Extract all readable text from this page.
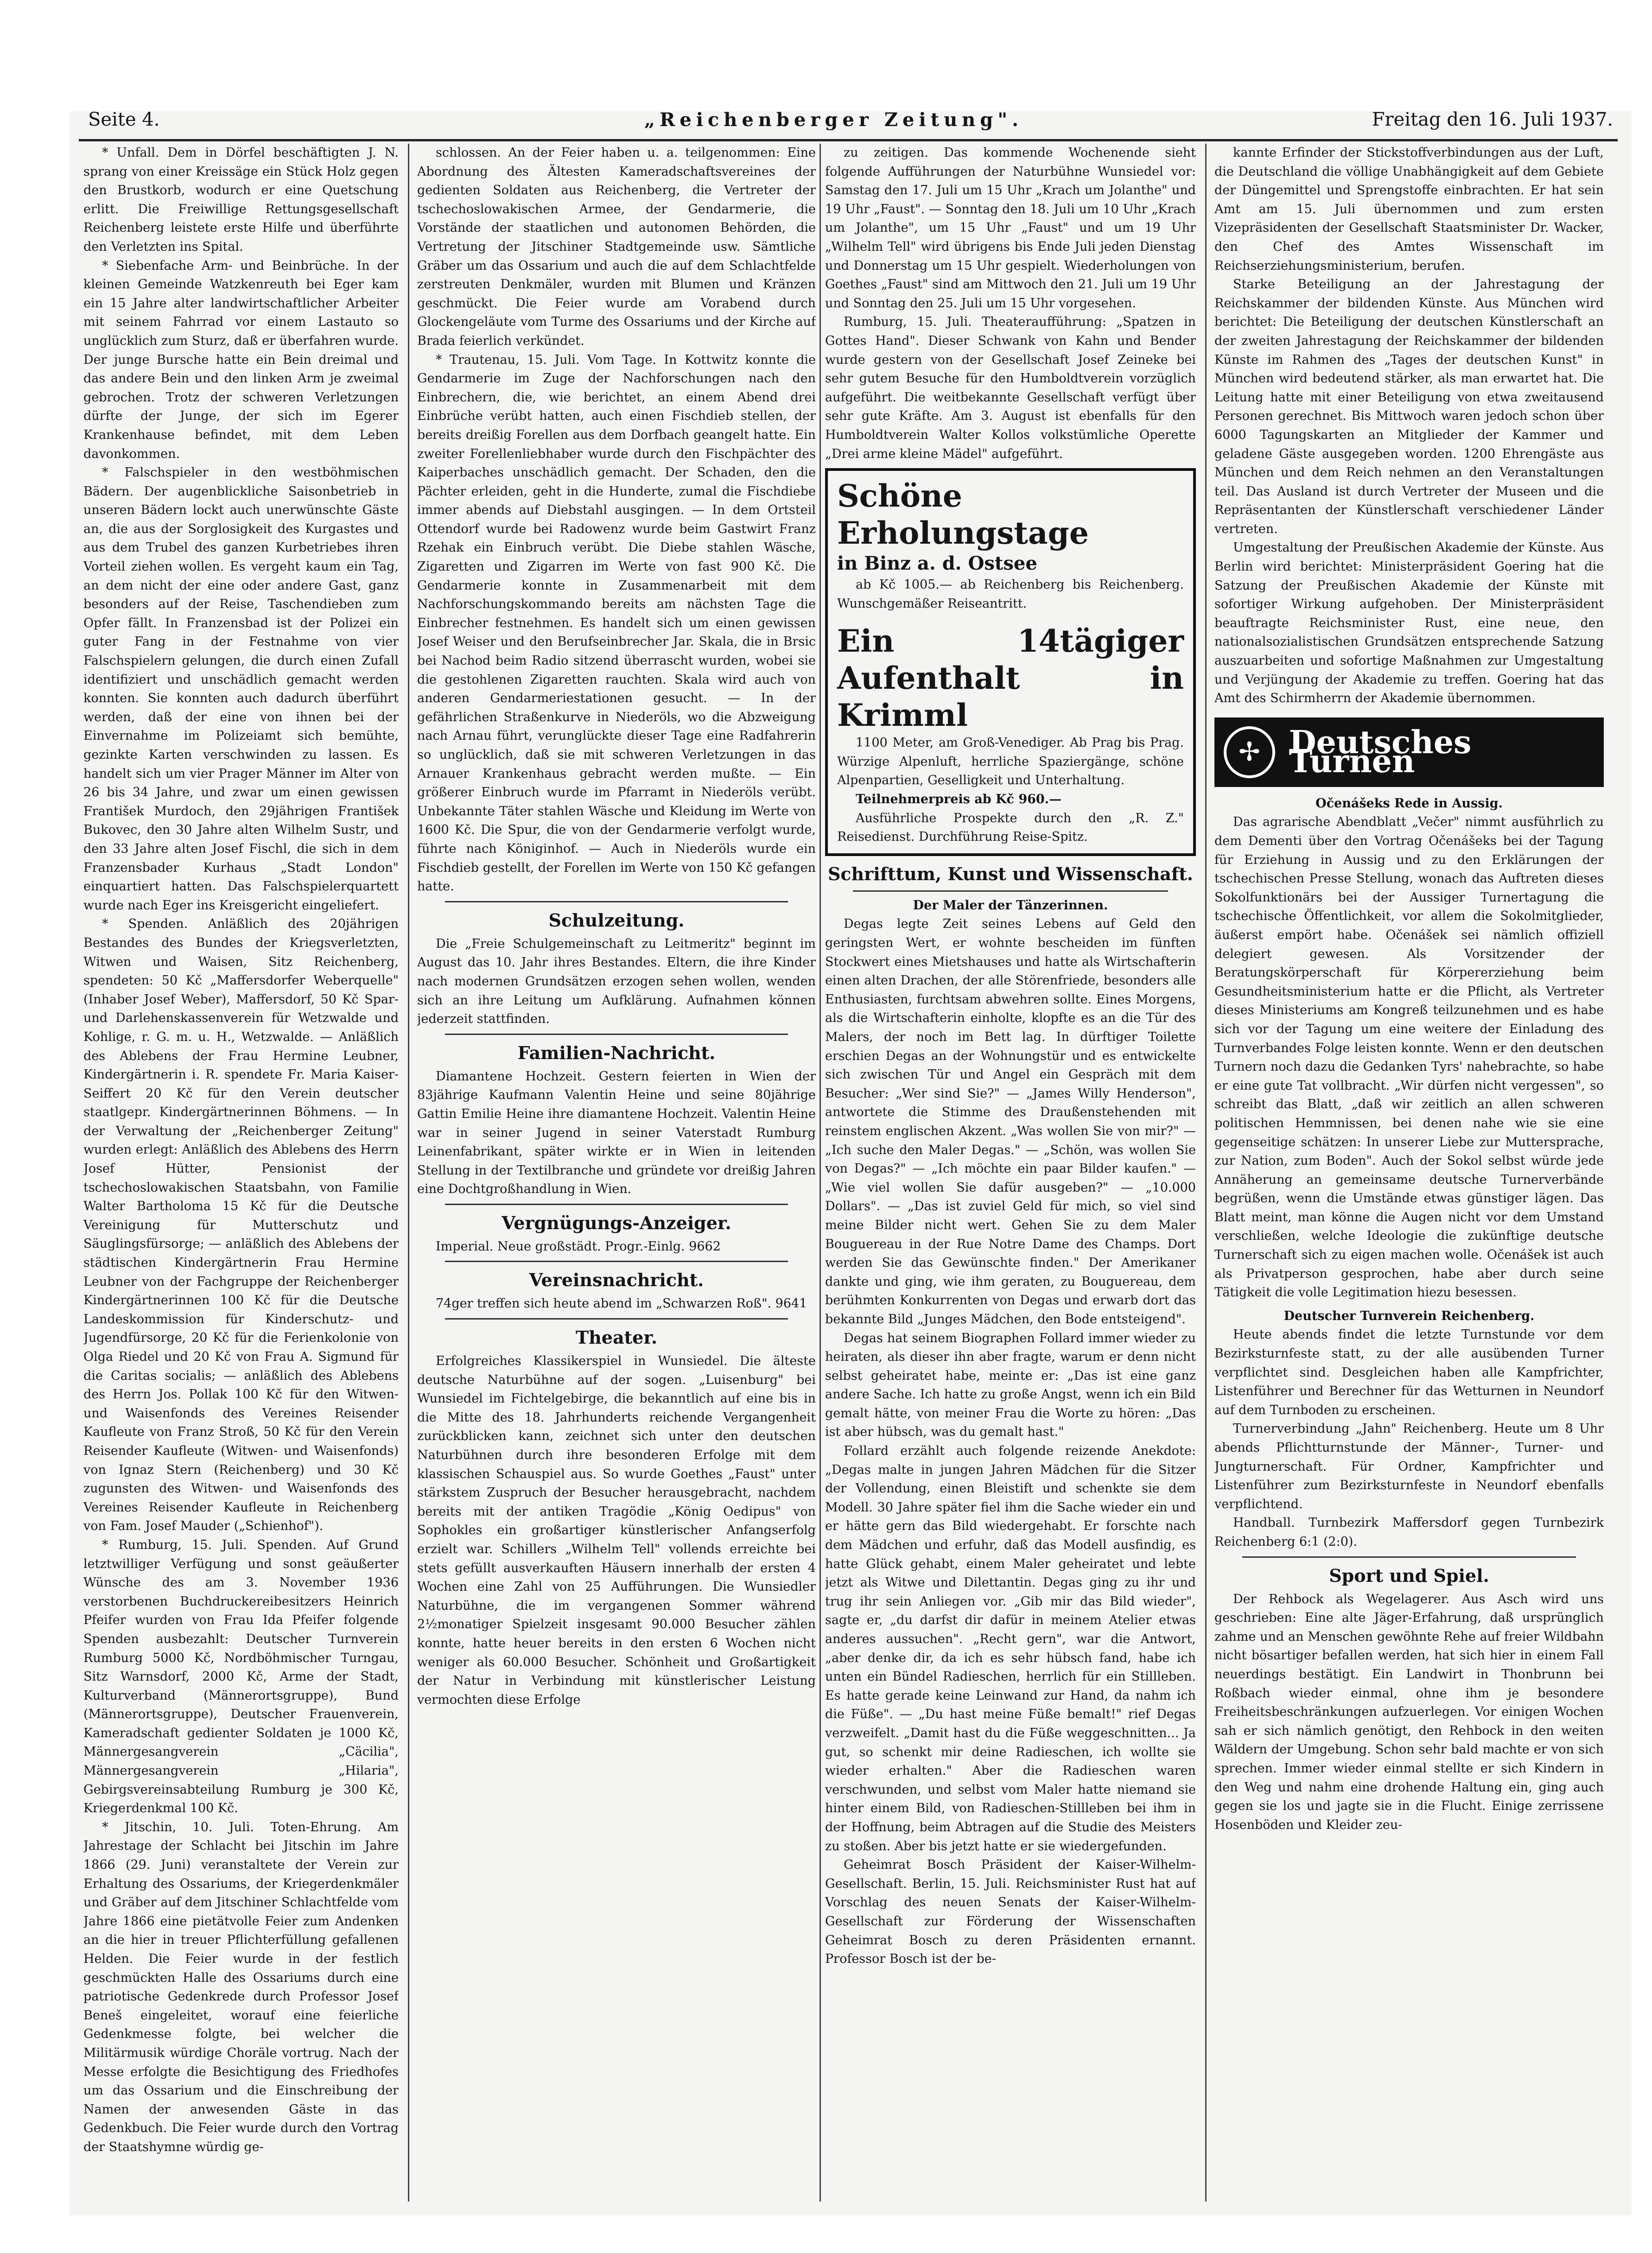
Seite 4.	„Reichenberger Zeitung".	Freitag den 16. Juli 1937.

* Unfall. Dem in Dörfel beschäftigten J. N. sprang von einer Kreissäge ein Stück Holz gegen den Brustkorb, wodurch er eine Quetschung erlitt. Die Freiwillige Rettungsgesellschaft Reichenberg leistete erste Hilfe und überführte den Verletzten ins Spital.

* Siebenfache Arm- und Beinbrüche. In der kleinen Gemeinde Watzkenreuth bei Eger kam ein 15 Jahre alter landwirtschaftlicher Arbeiter mit seinem Fahrrad vor einem Lastauto so unglücklich zum Sturz, daß er überfahren wurde. Der junge Bursche hatte ein Bein dreimal und das andere Bein und den linken Arm je zweimal gebrochen. Trotz der schweren Verletzungen dürfte der Junge, der sich im Egerer Krankenhause befindet, mit dem Leben davonkommen.

* Falschspieler in den westböhmischen Bädern. Der augenblickliche Saisonbetrieb in unseren Bädern lockt auch unerwünschte Gäste an, die aus der Sorglosigkeit des Kurgastes und aus dem Trubel des ganzen Kurbetriebes ihren Vorteil ziehen wollen. Es vergeht kaum ein Tag, an dem nicht der eine oder andere Gast, ganz besonders auf der Reise, Taschendieben zum Opfer fällt. In Franzensbad ist der Polizei ein guter Fang in der Festnahme von vier Falschspielern gelungen, die durch einen Zufall identifiziert und unschädlich gemacht werden konnten. Sie konnten auch dadurch überführt werden, daß der eine von ihnen bei der Einvernahme im Polizeiamt sich bemühte, gezinkte Karten verschwinden zu lassen. Es handelt sich um vier Prager Männer im Alter von 26 bis 34 Jahre, und zwar um einen gewissen František Murdoch, den 29jährigen František Bukovec, den 30 Jahre alten Wilhelm Sustr, und den 33 Jahre alten Josef Fischl, die sich in dem Franzensbader Kurhaus „Stadt London" einquartiert hatten. Das Falschspielerquartett wurde nach Eger ins Kreisgericht eingeliefert.

* Spenden. Anläßlich des 20jährigen Bestandes des Bundes der Kriegsverletzten, Witwen und Waisen, Sitz Reichenberg, spendeten: 50 Kč „Maffersdorfer Weberquelle" (Inhaber Josef Weber), Maffersdorf, 50 Kč Spar- und Darlehenskassenverein für Wetzwalde und Kohlige, r. G. m. u. H., Wetzwalde. — Anläßlich des Ablebens der Frau Hermine Leubner, Kindergärtnerin i. R. spendete Fr. Maria Kaiser-Seiffert 20 Kč für den Verein deutscher staatlgepr. Kindergärtnerinnen Böhmens. — In der Verwaltung der „Reichenberger Zeitung" wurden erlegt: Anläßlich des Ablebens des Herrn Josef Hütter, Pensionist der tschechoslowakischen Staatsbahn, von Familie Walter Bartholoma 15 Kč für die Deutsche Vereinigung für Mutterschutz und Säuglingsfürsorge; — anläßlich des Ablebens der städtischen Kindergärtnerin Frau Hermine Leubner von der Fachgruppe der Reichenberger Kindergärtnerinnen 100 Kč für die Deutsche Landeskommission für Kinderschutz- und Jugendfürsorge, 20 Kč für die Ferienkolonie von Olga Riedel und 20 Kč von Frau A. Sigmund für die Caritas socialis; — anläßlich des Ablebens des Herrn Jos. Pollak 100 Kč für den Witwen- und Waisenfonds des Vereines Reisender Kaufleute von Franz Stroß, 50 Kč für den Verein Reisender Kaufleute (Witwen- und Waisenfonds) von Ignaz Stern (Reichenberg) und 30 Kč zugunsten des Witwen- und Waisenfonds des Vereines Reisender Kaufleute in Reichenberg von Fam. Josef Mauder („Schienhof").

* Rumburg, 15. Juli. Spenden. Auf Grund letztwilliger Verfügung und sonst geäußerter Wünsche des am 3. November 1936 verstorbenen Buchdruckereibesitzers Heinrich Pfeifer wurden von Frau Ida Pfeifer folgende Spenden ausbezahlt: Deutscher Turnverein Rumburg 5000 Kč, Nordböhmischer Turngau, Sitz Warnsdorf, 2000 Kč, Arme der Stadt, Kulturverband (Männerortsgruppe), Bund (Männerortsgruppe), Deutscher Frauenverein, Kameradschaft gedienter Soldaten je 1000 Kč, Männergesangverein „Cäcilia", Männergesangverein „Hilaria", Gebirgsvereinsabteilung Rumburg je 300 Kč, Kriegerdenkmal 100 Kč.

* Jitschin, 10. Juli. Toten-Ehrung. Am Jahrestage der Schlacht bei Jitschin im Jahre 1866 (29. Juni) veranstaltete der Verein zur Erhaltung des Ossariums, der Kriegerdenkmäler und Gräber auf dem Jitschiner Schlachtfelde vom Jahre 1866 eine pietätvolle Feier zum Andenken an die hier in treuer Pflichterfüllung gefallenen Helden. Die Feier wurde in der festlich geschmückten Halle des Ossariums durch eine patriotische Gedenkrede durch Professor Josef Beneš eingeleitet, worauf eine feierliche Gedenkmesse folgte, bei welcher die Militärmusik würdige Choräle vortrug. Nach der Messe erfolgte die Besichtigung des Friedhofes um das Ossarium und die Einschreibung der Namen der anwesenden Gäste in das Gedenkbuch. Die Feier wurde durch den Vortrag der Staatshymne würdig ge-

schlossen. An der Feier haben u. a. teilgenommen: Eine Abordnung des Ältesten Kameradschaftsvereines der gedienten Soldaten aus Reichenberg, die Vertreter der tschechoslowakischen Armee, der Gendarmerie, die Vorstände der staatlichen und autonomen Behörden, die Vertretung der Jitschiner Stadtgemeinde usw. Sämtliche Gräber um das Ossarium und auch die auf dem Schlachtfelde zerstreuten Denkmäler, wurden mit Blumen und Kränzen geschmückt. Die Feier wurde am Vorabend durch Glockengeläute vom Turme des Ossariums und der Kirche auf Brada feierlich verkündet.

* Trautenau, 15. Juli. Vom Tage. In Kottwitz konnte die Gendarmerie im Zuge der Nachforschungen nach den Einbrechern, die, wie berichtet, an einem Abend drei Einbrüche verübt hatten, auch einen Fischdieb stellen, der bereits dreißig Forellen aus dem Dorfbach geangelt hatte. Ein zweiter Forellenliebhaber wurde durch den Fischpächter des Kaiperbaches unschädlich gemacht. Der Schaden, den die Pächter erleiden, geht in die Hunderte, zumal die Fischdiebe immer abends auf Diebstahl ausgingen. — In dem Ortsteil Ottendorf wurde bei Radowenz wurde beim Gastwirt Franz Rzehak ein Einbruch verübt. Die Diebe stahlen Wäsche, Zigaretten und Zigarren im Werte von fast 900 Kč. Die Gendarmerie konnte in Zusammenarbeit mit dem Nachforschungskommando bereits am nächsten Tage die Einbrecher festnehmen. Es handelt sich um einen gewissen Josef Weiser und den Berufseinbrecher Jar. Skala, die in Brsic bei Nachod beim Radio sitzend überrascht wurden, wobei sie die gestohlenen Zigaretten rauchten. Skala wird auch von anderen Gendarmeriestationen gesucht. — In der gefährlichen Straßenkurve in Niederöls, wo die Abzweigung nach Arnau führt, verunglückte dieser Tage eine Radfahrerin so unglücklich, daß sie mit schweren Verletzungen in das Arnauer Krankenhaus gebracht werden mußte. — Ein größerer Einbruch wurde im Pfarramt in Niederöls verübt. Unbekannte Täter stahlen Wäsche und Kleidung im Werte von 1600 Kč. Die Spur, die von der Gendarmerie verfolgt wurde, führte nach Königinhof. — Auch in Niederöls wurde ein Fischdieb gestellt, der Forellen im Werte von 150 Kč gefangen hatte.

Schulzeitung.

Die „Freie Schulgemeinschaft zu Leitmeritz" beginnt im August das 10. Jahr ihres Bestandes. Eltern, die ihre Kinder nach modernen Grundsätzen erzogen sehen wollen, wenden sich an ihre Leitung um Aufklärung. Aufnahmen können jederzeit stattfinden.

Familien-Nachricht.

Diamantene Hochzeit. Gestern feierten in Wien der 83jährige Kaufmann Valentin Heine und seine 80jährige Gattin Emilie Heine ihre diamantene Hochzeit. Valentin Heine war in seiner Jugend in seiner Vaterstadt Rumburg Leinenfabrikant, später wirkte er in Wien in leitenden Stellung in der Textilbranche und gründete vor dreißig Jahren eine Dochtgroßhandlung in Wien.

Vergnügungs-Anzeiger.

Imperial. Neue großstädt. Progr.-Einlg. 9662

Vereinsnachricht.

74ger treffen sich heute abend im „Schwarzen Roß". 9641

Theater.

Erfolgreiches Klassikerspiel in Wunsiedel. Die älteste deutsche Naturbühne auf der sogen. „Luisenburg" bei Wunsiedel im Fichtelgebirge, die bekanntlich auf eine bis in die Mitte des 18. Jahrhunderts reichende Vergangenheit zurückblicken kann, zeichnet sich unter den deutschen Naturbühnen durch ihre besonderen Erfolge mit dem klassischen Schauspiel aus. So wurde Goethes „Faust" unter stärkstem Zuspruch der Besucher herausgebracht, nachdem bereits mit der antiken Tragödie „König Oedipus" von Sophokles ein großartiger künstlerischer Anfangserfolg erzielt war. Schillers „Wilhelm Tell" vollends erreichte bei stets gefüllt ausverkauften Häusern innerhalb der ersten 4 Wochen eine Zahl von 25 Aufführungen. Die Wunsiedler Naturbühne, die im vergangenen Sommer während 2½monatiger Spielzeit insgesamt 90.000 Besucher zählen konnte, hatte heuer bereits in den ersten 6 Wochen nicht weniger als 60.000 Besucher. Schönheit und Großartigkeit der Natur in Verbindung mit künstlerischer Leistung vermochten diese Erfolge

zu zeitigen. Das kommende Wochenende sieht folgende Aufführungen der Naturbühne Wunsiedel vor: Samstag den 17. Juli um 15 Uhr „Krach um Jolanthe" und 19 Uhr „Faust". — Sonntag den 18. Juli um 10 Uhr „Krach um Jolanthe", um 15 Uhr „Faust" und um 19 Uhr „Wilhelm Tell" wird übrigens bis Ende Juli jeden Dienstag und Donnerstag um 15 Uhr gespielt. Wiederholungen von Goethes „Faust" sind am Mittwoch den 21. Juli um 19 Uhr und Sonntag den 25. Juli um 15 Uhr vorgesehen.

Rumburg, 15. Juli. Theateraufführung: „Spatzen in Gottes Hand". Dieser Schwank von Kahn und Bender wurde gestern von der Gesellschaft Josef Zeineke bei sehr gutem Besuche für den Humboldtverein vorzüglich aufgeführt. Die weitbekannte Gesellschaft verfügt über sehr gute Kräfte. Am 3. August ist ebenfalls für den Humboldtverein Walter Kollos volkstümliche Operette „Drei arme kleine Mädel" aufgeführt.

Schöne Erholungstage

in Binz a. d. Ostsee

ab Kč 1005.— ab Reichenberg bis Reichenberg. Wunschgemäßer Reiseantritt.

Ein 14tägiger Aufenthalt in Krimml

1100 Meter, am Groß-Venediger. Ab Prag bis Prag. Würzige Alpenluft, herrliche Spaziergänge, schöne Alpenpartien, Geselligkeit und Unterhaltung.

Teilnehmerpreis ab Kč 960.—

Ausführliche Prospekte durch den „R. Z." Reisedienst. Durchführung Reise-Spitz.

Schrifttum, Kunst und Wissenschaft.

Der Maler der Tänzerinnen.

Degas legte Zeit seines Lebens auf Geld den geringsten Wert, er wohnte bescheiden im fünften Stockwert eines Mietshauses und hatte als Wirtschafterin einen alten Drachen, der alle Störenfriede, besonders alle Enthusiasten, furchtsam abwehren sollte. Eines Morgens, als die Wirtschafterin einholte, klopfte es an die Tür des Malers, der noch im Bett lag. In dürftiger Toilette erschien Degas an der Wohnungstür und es entwickelte sich zwischen Tür und Angel ein Gespräch mit dem Besucher: „Wer sind Sie?" — „James Willy Henderson", antwortete die Stimme des Draußenstehenden mit reinstem englischen Akzent. „Was wollen Sie von mir?" — „Ich suche den Maler Degas." — „Schön, was wollen Sie von Degas?" — „Ich möchte ein paar Bilder kaufen." — „Wie viel wollen Sie dafür ausgeben?" — „10.000 Dollars". — „Das ist zuviel Geld für mich, so viel sind meine Bilder nicht wert. Gehen Sie zu dem Maler Bouguereau in der Rue Notre Dame des Champs. Dort werden Sie das Gewünschte finden." Der Amerikaner dankte und ging, wie ihm geraten, zu Bouguereau, dem berühmten Konkurrenten von Degas und erwarb dort das bekannte Bild „Junges Mädchen, den Bode entsteigend".

Degas hat seinem Biographen Follard immer wieder zu heiraten, als dieser ihn aber fragte, warum er denn nicht selbst geheiratet habe, meinte er: „Das ist eine ganz andere Sache. Ich hatte zu große Angst, wenn ich ein Bild gemalt hätte, von meiner Frau die Worte zu hören: „Das ist aber hübsch, was du gemalt hast."

Follard erzählt auch folgende reizende Anekdote: „Degas malte in jungen Jahren Mädchen für die Sitzer der Vollendung, einen Bleistift und schenkte sie dem Modell. 30 Jahre später fiel ihm die Sache wieder ein und er hätte gern das Bild wiedergehabt. Er forschte nach dem Mädchen und erfuhr, daß das Modell ausfindig, es hatte Glück gehabt, einem Maler geheiratet und lebte jetzt als Witwe und Dilettantin. Degas ging zu ihr und trug ihr sein Anliegen vor. „Gib mir das Bild wieder", sagte er, „du darfst dir dafür in meinem Atelier etwas anderes aussuchen". „Recht gern", war die Antwort, „aber denke dir, da ich es sehr hübsch fand, habe ich unten ein Bündel Radieschen, herrlich für ein Stillleben. Es hatte gerade keine Leinwand zur Hand, da nahm ich die Füße". — „Du hast meine Füße bemalt!" rief Degas verzweifelt. „Damit hast du die Füße weggeschnitten... Ja gut, so schenkt mir deine Radieschen, ich wollte sie wieder erhalten." Aber die Radieschen waren verschwunden, und selbst vom Maler hatte niemand sie hinter einem Bild, von Radieschen-Stillleben bei ihm in der Hoffnung, beim Abtragen auf die Studie des Meisters zu stoßen. Aber bis jetzt hatte er sie wiedergefunden.

Geheimrat Bosch Präsident der Kaiser-Wilhelm-Gesellschaft. Berlin, 15. Juli. Reichsminister Rust hat auf Vorschlag des neuen Senats der Kaiser-Wilhelm-Gesellschaft zur Förderung der Wissenschaften Geheimrat Bosch zu deren Präsidenten ernannt. Professor Bosch ist der be-

kannte Erfinder der Stickstoffverbindungen aus der Luft, die Deutschland die völlige Unabhängigkeit auf dem Gebiete der Düngemittel und Sprengstoffe einbrachten. Er hat sein Amt am 15. Juli übernommen und zum ersten Vizepräsidenten der Gesellschaft Staatsminister Dr. Wacker, den Chef des Amtes Wissenschaft im Reichserziehungsministerium, berufen.

Starke Beteiligung an der Jahrestagung der Reichskammer der bildenden Künste. Aus München wird berichtet: Die Beteiligung der deutschen Künstlerschaft an der zweiten Jahrestagung der Reichskammer der bildenden Künste im Rahmen des „Tages der deutschen Kunst" in München wird bedeutend stärker, als man erwartet hat. Die Leitung hatte mit einer Beteiligung von etwa zweitausend Personen gerechnet. Bis Mittwoch waren jedoch schon über 6000 Tagungskarten an Mitglieder der Kammer und geladene Gäste ausgegeben worden. 1200 Ehrengäste aus München und dem Reich nehmen an den Veranstaltungen teil. Das Ausland ist durch Vertreter der Museen und die Repräsentanten der Künstlerschaft verschiedener Länder vertreten.

Umgestaltung der Preußischen Akademie der Künste. Aus Berlin wird berichtet: Ministerpräsident Goering hat die Satzung der Preußischen Akademie der Künste mit sofortiger Wirkung aufgehoben. Der Ministerpräsident beauftragte Reichsminister Rust, eine neue, den nationalsozialistischen Grundsätzen entsprechende Satzung auszuarbeiten und sofortige Maßnahmen zur Umgestaltung und Verjüngung der Akademie zu treffen. Goering hat das Amt des Schirmherrn der Akademie übernommen.

✢ Deutsches Turnen

Očenášeks Rede in Aussig.

Das agrarische Abendblatt „Večer" nimmt ausführlich zu dem Dementi über den Vortrag Očenášeks bei der Tagung für Erziehung in Aussig und zu den Erklärungen der tschechischen Presse Stellung, wonach das Auftreten dieses Sokolfunktionärs bei der Aussiger Turnertagung die tschechische Öffentlichkeit, vor allem die Sokolmitglieder, äußerst empört habe. Očenášek sei nämlich offiziell delegiert gewesen. Als Vorsitzender der Beratungskörperschaft für Körpererziehung beim Gesundheitsministerium hatte er die Pflicht, als Vertreter dieses Ministeriums am Kongreß teilzunehmen und es habe sich vor der Tagung um eine weitere der Einladung des Turnverbandes Folge leisten konnte. Wenn er den deutschen Turnern noch dazu die Gedanken Tyrs' nahebrachte, so habe er eine gute Tat vollbracht. „Wir dürfen nicht vergessen", so schreibt das Blatt, „daß wir zeitlich an allen schweren politischen Hemmnissen, bei denen nahe wie sie eine gegenseitige schätzen: In unserer Liebe zur Muttersprache, zur Nation, zum Boden". Auch der Sokol selbst würde jede Annäherung an gemeinsame deutsche Turnerverbände begrüßen, wenn die Umstände etwas günstiger lägen. Das Blatt meint, man könne die Augen nicht vor dem Umstand verschließen, welche Ideologie die zukünftige deutsche Turnerschaft sich zu eigen machen wolle. Očenášek ist auch als Privatperson gesprochen, habe aber durch seine Tätigkeit die volle Legitimation hiezu besessen.

Deutscher Turnverein Reichenberg.

Heute abends findet die letzte Turnstunde vor dem Bezirksturnfeste statt, zu der alle ausübenden Turner verpflichtet sind. Desgleichen haben alle Kampfrichter, Listenführer und Berechner für das Wetturnen in Neundorf auf dem Turnboden zu erscheinen.

Turnerverbindung „Jahn" Reichenberg. Heute um 8 Uhr abends Pflichtturnstunde der Männer-, Turner- und Jungturnerschaft. Für Ordner, Kampfrichter und Listenführer zum Bezirksturnfeste in Neundorf ebenfalls verpflichtend.

Handball. Turnbezirk Maffersdorf gegen Turnbezirk Reichenberg 6:1 (2:0).

Sport und Spiel.

Der Rehbock als Wegelagerer. Aus Asch wird uns geschrieben: Eine alte Jäger-Erfahrung, daß ursprünglich zahme und an Menschen gewöhnte Rehe auf freier Wildbahn nicht bösartiger befallen werden, hat sich hier in einem Fall neuerdings bestätigt. Ein Landwirt in Thonbrunn bei Roßbach wieder einmal, ohne ihm je besondere Freiheitsbeschränkungen aufzuerlegen. Vor einigen Wochen sah er sich nämlich genötigt, den Rehbock in den weiten Wäldern der Umgebung. Schon sehr bald machte er von sich sprechen. Immer wieder einmal stellte er sich Kindern in den Weg und nahm eine drohende Haltung ein, ging auch gegen sie los und jagte sie in die Flucht. Einige zerrissene Hosenböden und Kleider zeu-
